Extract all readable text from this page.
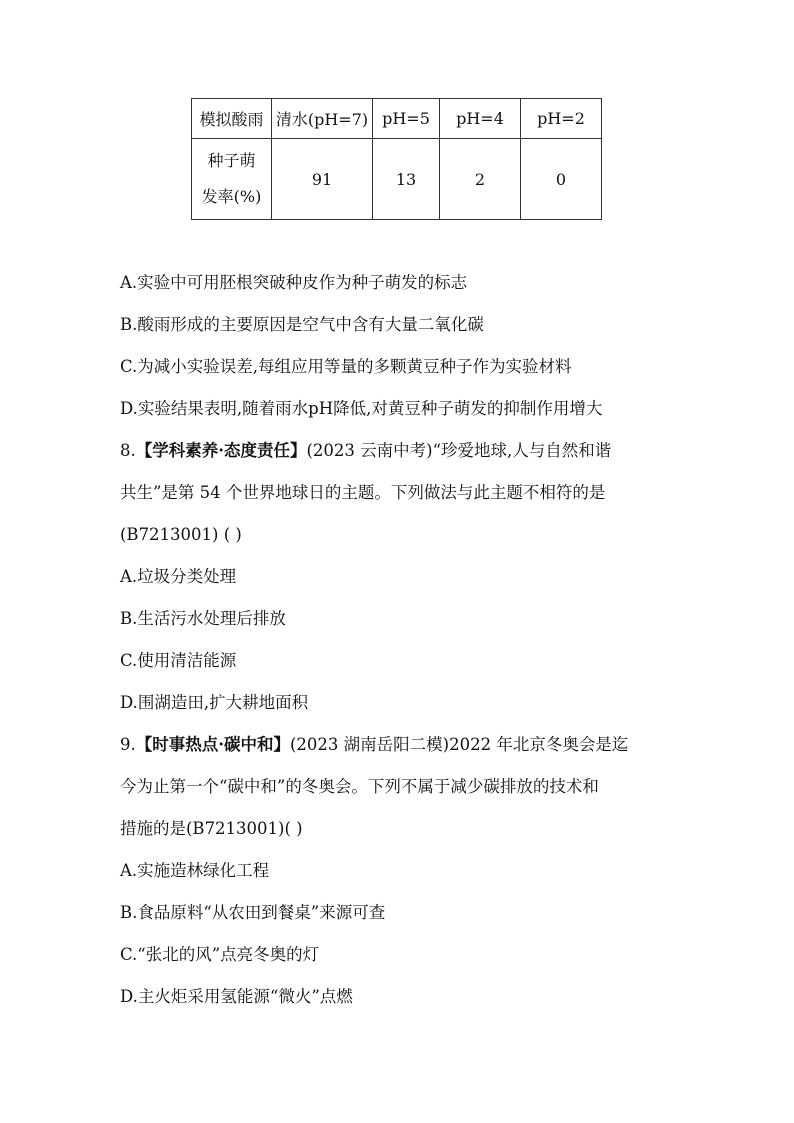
模拟酸雨	清水(pH=7)	pH=5	pH=4	pH=2

种子萌
发率(%)	91	13	2	0
A.实验中可用胚根突破种皮作为种子萌发的标志
B.酸雨形成的主要原因是空气中含有大量二氧化碳
C.为减小实验误差,每组应用等量的多颗黄豆种子作为实验材料
D.实验结果表明,随着雨水pH降低,对黄豆种子萌发的抑制作用增大
8.【学科素养·态度责任】(2023 云南中考)“珍爱地球,人与自然和谐
共生”是第 54 个世界地球日的主题。下列做法与此主题不相符的是
(B7213001) ( )
A.垃圾分类处理
B.生活污水处理后排放
C.使用清洁能源
D.围湖造田,扩大耕地面积
9.【时事热点·碳中和】(2023 湖南岳阳二模)2022 年北京冬奥会是迄
今为止第一个“碳中和”的冬奥会。下列不属于减少碳排放的技术和
措施的是(B7213001)( )
A.实施造林绿化工程
B.食品原料“从农田到餐桌”来源可查
C.“张北的风”点亮冬奥的灯
D.主火炬采用氢能源“微火”点燃
